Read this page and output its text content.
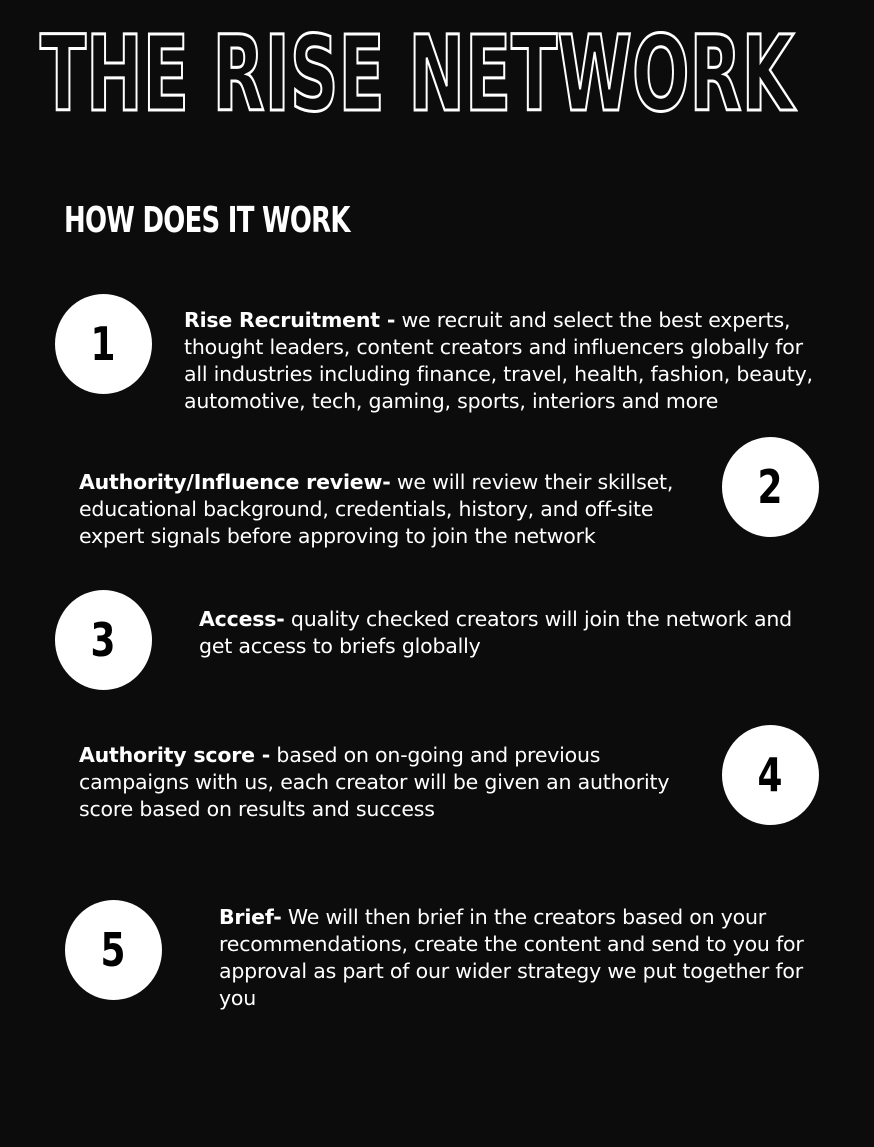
THE RISE NETWORK
HOW DOES IT WORK
1	Rise Recruitment - we recruit and select the best experts, thought leaders, content creators and influencers globally for all industries including finance, travel, health, fashion, beauty, automotive, tech, gaming, sports, interiors and more

Authority/Influence review- we will review their skillset, educational background, credentials, history, and off-site expert signals before approving to join the network

2
3	Access- quality checked creators will join the network and get access to briefs globally

Authority score - based on on-going and previous campaigns with us, each creator will be given an authority score based on results and success

4
5

Brief- We will then brief in the creators based on your recommendations, create the content and send to you for approval as part of our wider strategy we put together for you
